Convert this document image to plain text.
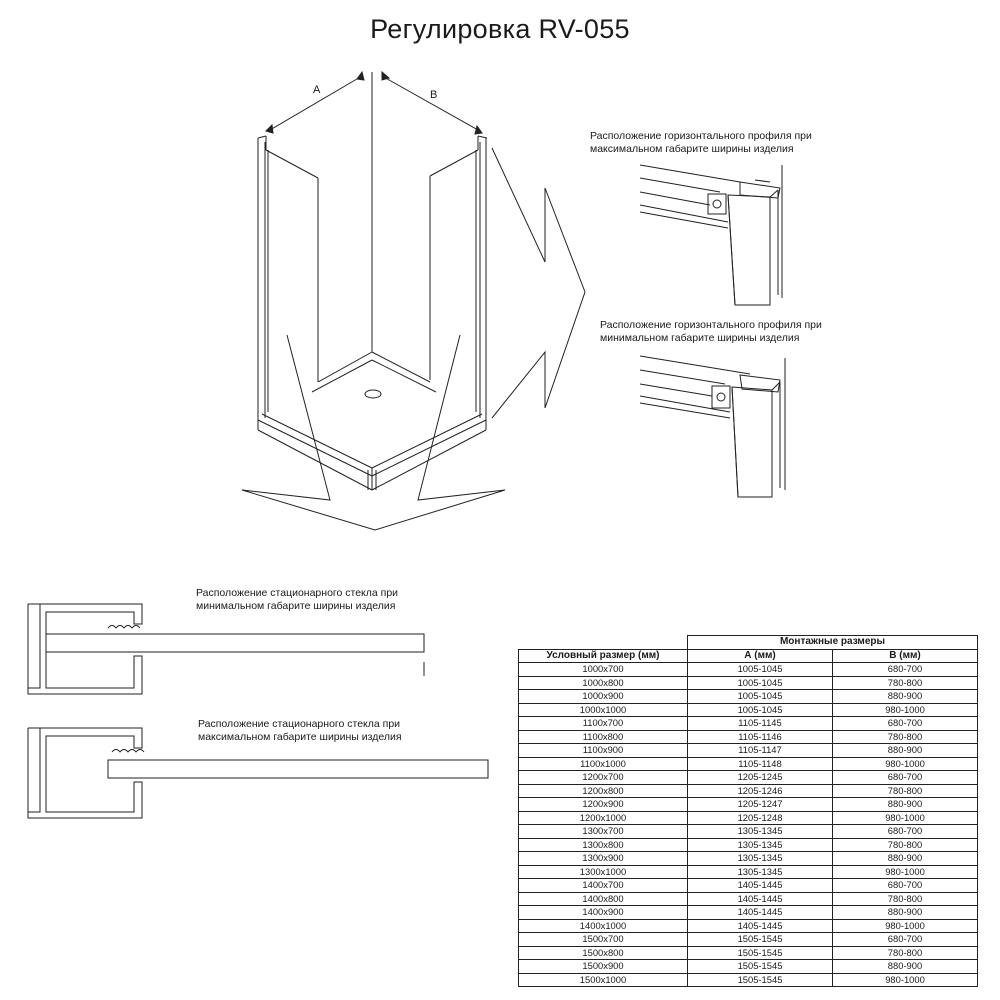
Регулировка RV-055
A	B
Расположение горизонтального профиля при
максимальном габарите ширины изделия
Расположение горизонтального профиля при
минимальном габарите ширины изделия
Расположение стационарного стекла при
минимальном габарите ширины изделия
Расположение стационарного стекла при
максимальном габарите ширины изделия
	Монтажные размеры	
Условный размер (мм)	А (мм)	В (мм)
1000x700	1005-1045	680-700
1000x800	1005-1045	780-800
1000x900	1005-1045	880-900
1000x1000	1005-1045	980-1000
1100x700	1105-1145	680-700
1100x800	1105-1146	780-800
1100x900	1105-1147	880-900
1100x1000	1105-1148	980-1000
1200x700	1205-1245	680-700
1200x800	1205-1246	780-800
1200x900	1205-1247	880-900
1200x1000	1205-1248	980-1000
1300x700	1305-1345	680-700
1300x800	1305-1345	780-800
1300x900	1305-1345	880-900
1300x1000	1305-1345	980-1000
1400x700	1405-1445	680-700
1400x800	1405-1445	780-800
1400x900	1405-1445	880-900
1400x1000	1405-1445	980-1000
1500x700	1505-1545	680-700
1500x800	1505-1545	780-800
1500x900	1505-1545	880-900
1500x1000	1505-1545	980-1000
